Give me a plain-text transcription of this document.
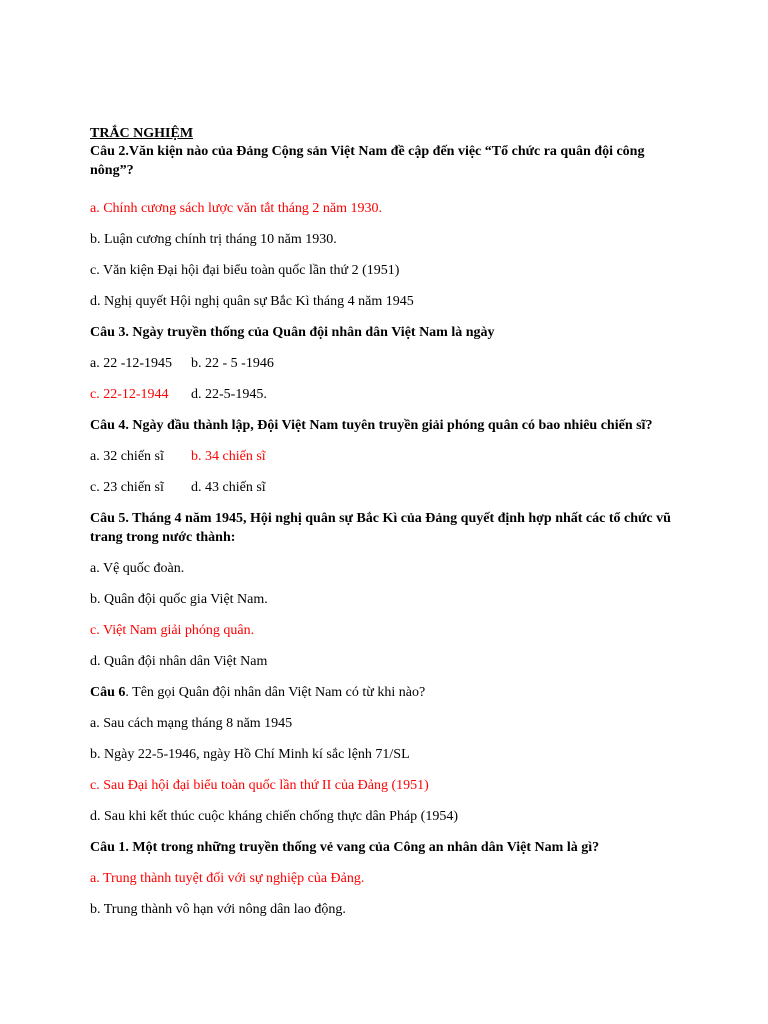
TRẮC NGHIỆM

Câu 2.Văn kiện nào của Đảng Cộng sản Việt Nam đề cập đến việc “Tổ chức ra quân đội công nông”?

a. Chính cương sách lược văn tắt tháng 2 năm 1930.

b. Luận cương chính trị tháng 10 năm 1930.

c. Văn kiện Đại hội đại biểu toàn quốc lần thứ 2 (1951)

d. Nghị quyết Hội nghị quân sự Bắc Kì tháng 4 năm 1945

Câu 3. Ngày truyền thống của Quân đội nhân dân Việt Nam là ngày

a. 22 -12-1945 b. 22 - 5 -1946

c. 22-12-1944 d. 22-5-1945.

Câu 4. Ngày đầu thành lập, Đội Việt Nam tuyên truyền giải phóng quân có bao nhiêu chiến sĩ?

a. 32 chiến sĩ b. 34 chiến sĩ

c. 23 chiến sĩ d. 43 chiến sĩ

Câu 5. Tháng 4 năm 1945, Hội nghị quân sự Bắc Kì của Đảng quyết định hợp nhất các tổ chức vũ trang trong nước thành:

a. Vệ quốc đoàn.

b. Quân đội quốc gia Việt Nam.

c. Việt Nam giải phóng quân.

d. Quân đội nhân dân Việt Nam

Câu 6. Tên gọi Quân đội nhân dân Việt Nam có từ khi nào?

a. Sau cách mạng tháng 8 năm 1945

b. Ngày 22-5-1946, ngày Hồ Chí Minh kí sắc lệnh 71/SL

c. Sau Đại hội đại biểu toàn quốc lần thứ II của Đảng (1951)

d. Sau khi kết thúc cuộc kháng chiến chống thực dân Pháp (1954)

Câu 1. Một trong những truyền thống vẻ vang của Công an nhân dân Việt Nam là gì?

a. Trung thành tuyệt đối với sự nghiệp của Đảng.

b. Trung thành vô hạn với nông dân lao động.
